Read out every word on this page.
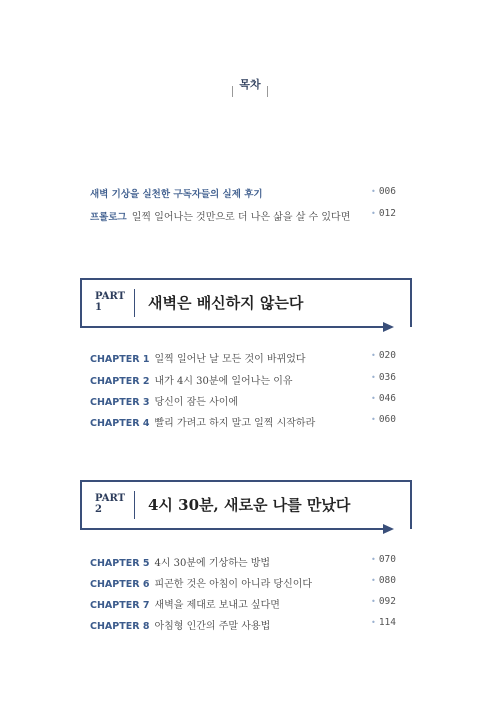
목차
새벽 기상을 실천한 구독자들의 실제 후기	• 006
프롤로그 일찍 일어나는 것만으로 더 나은 삶을 살 수 있다면	• 012
PART
1	새벽은 배신하지 않는다
CHAPTER 1 일찍 일어난 날 모든 것이 바뀌었다	• 020
CHAPTER 2 내가 4시 30분에 일어나는 이유	• 036
CHAPTER 3 당신이 잠든 사이에	• 046
CHAPTER 4 빨리 가려고 하지 말고 일찍 시작하라	• 060
PART
2	4시 30분, 새로운 나를 만났다
CHAPTER 5 4시 30분에 기상하는 방법	• 070
CHAPTER 6 피곤한 것은 아침이 아니라 당신이다	• 080
CHAPTER 7 새벽을 제대로 보내고 싶다면	• 092
CHAPTER 8 아침형 인간의 주말 사용법	• 114
